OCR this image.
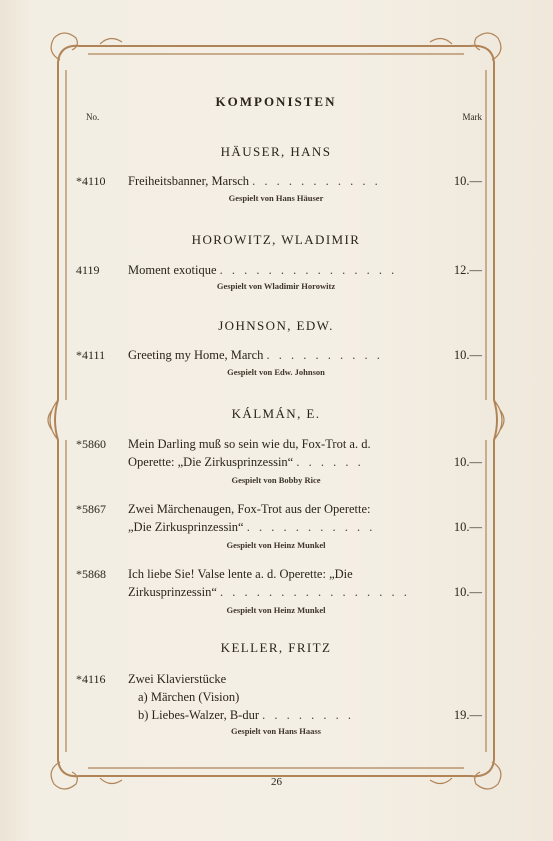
KOMPONISTEN
No.	Mark
HÄUSER, HANS
*4110 Freiheitsbanner, Marsch . . . . . . . . . . .	10.—
Gespielt von Hans Häuser
HOROWITZ, WLADIMIR
4119 Moment exotique . . . . . . . . . . . . . . .	12.—
Gespielt von Wladimir Horowitz
JOHNSON, EDW.
*4111 Greeting my Home, March . . . . . . . . . .	10.—
Gespielt von Edw. Johnson
KÁLMÁN, E.
*5860 Mein Darling muß so sein wie du, Fox-Trot a. d.
Operette: „Die Zirkusprinzessin“ . . . . . .	10.—
Gespielt von Bobby Rice
*5867 Zwei Märchenaugen, Fox-Trot aus der Operette:
„Die Zirkusprinzessin“ . . . . . . . . . . .	10.—
Gespielt von Heinz Munkel
*5868 Ich liebe Sie! Valse lente a. d. Operette: „Die
Zirkusprinzessin“ . . . . . . . . . . . . . . . .	10.—
Gespielt von Heinz Munkel
KELLER, FRITZ
*4116 Zwei Klavierstücke
a) Märchen (Vision)
b) Liebes-Walzer, B-dur . . . . . . . .	19.—
Gespielt von Hans Haass
26
